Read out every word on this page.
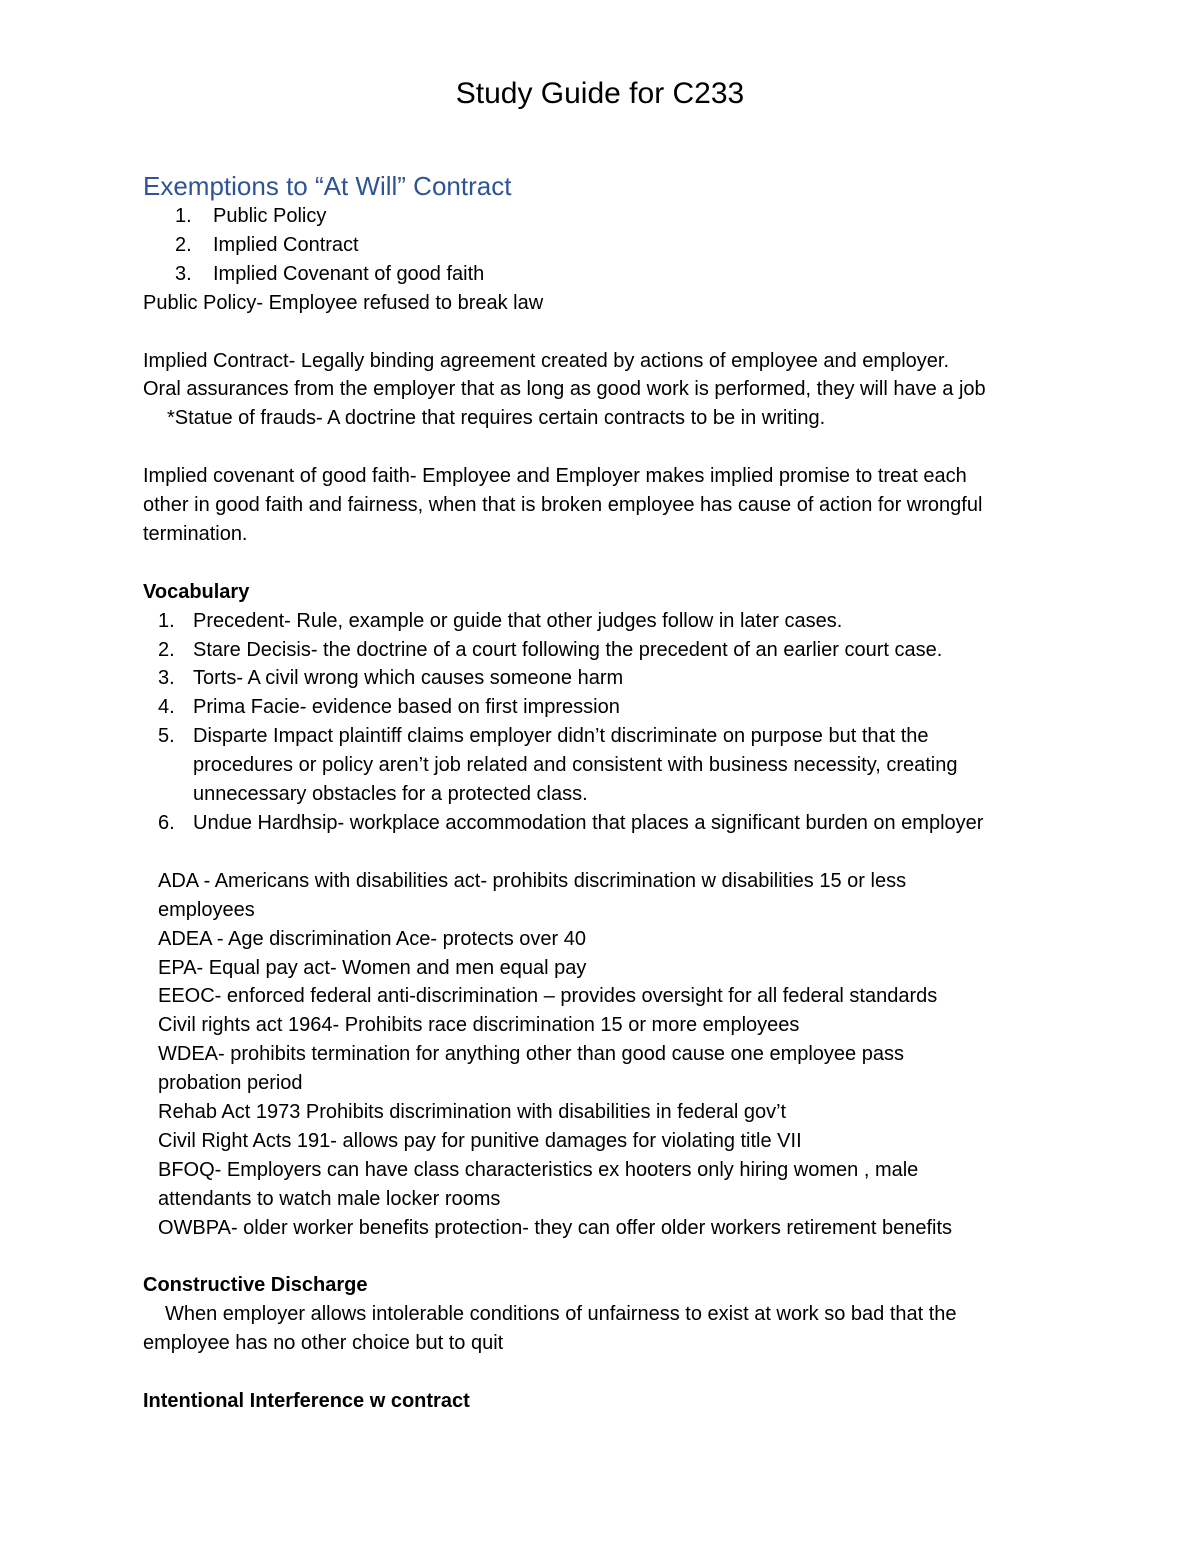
Study Guide for C233
Exemptions to “At Will” Contract
1. Public Policy
2. Implied Contract
3. Implied Covenant of good faith

Public Policy- Employee refused to break law

Implied Contract- Legally binding agreement created by actions of employee and employer.

Oral assurances from the employer that as long as good work is performed, they will have a job

*Statue of frauds- A doctrine that requires certain contracts to be in writing.

Implied covenant of good faith- Employee and Employer makes implied promise to treat each

other in good faith and fairness, when that is broken employee has cause of action for wrongful

termination.

Vocabulary

1. Precedent- Rule, example or guide that other judges follow in later cases.
2. Stare Decisis- the doctrine of a court following the precedent of an earlier court case.
3. Torts- A civil wrong which causes someone harm
4. Prima Facie- evidence based on first impression
5. Disparte Impact plaintiff claims employer didn’t discriminate on purpose but that the
procedures or policy aren’t job related and consistent with business necessity, creating
unnecessary obstacles for a protected class.
6. Undue Hardhsip- workplace accommodation that places a significant burden on employer

ADA - Americans with disabilities act- prohibits discrimination w disabilities 15 or less

employees

ADEA - Age discrimination Ace- protects over 40

EPA- Equal pay act- Women and men equal pay

EEOC- enforced federal anti-discrimination – provides oversight for all federal standards

Civil rights act 1964- Prohibits race discrimination 15 or more employees

WDEA- prohibits termination for anything other than good cause one employee pass

probation period

Rehab Act 1973 Prohibits discrimination with disabilities in federal gov’t

Civil Right Acts 191- allows pay for punitive damages for violating title VII

BFOQ- Employers can have class characteristics ex hooters only hiring women , male

attendants to watch male locker rooms

OWBPA- older worker benefits protection- they can offer older workers retirement benefits

Constructive Discharge

When employer allows intolerable conditions of unfairness to exist at work so bad that the

employee has no other choice but to quit

Intentional Interference w contract
